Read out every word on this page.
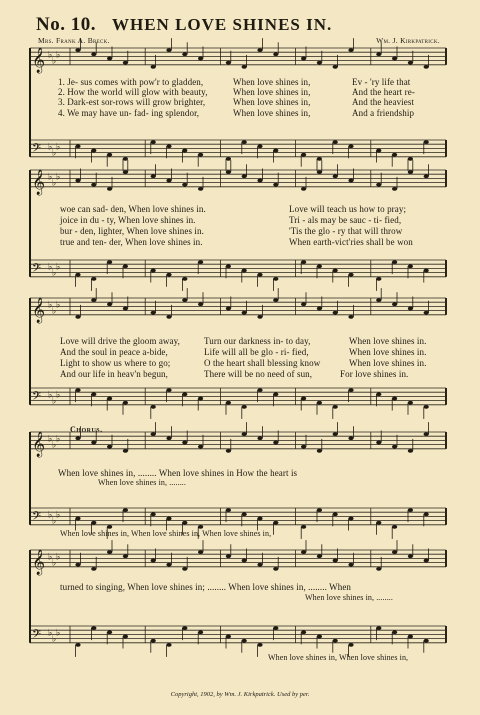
No. 10. WHEN LOVE SHINES IN.
Mrs. Frank A. Breck.	Wm. J. Kirkpatrick.
𝄞 ♭
♭
♭
𝄢 ♭
♭
♭
𝄞 ♭
♭
♭
𝄢 ♭
♭
♭
𝄞 ♭
♭
♭
𝄢 ♭
♭
♭
𝄞 ♭
♭
♭
𝄢 ♭
♭
♭
𝄞 ♭
♭
♭
𝄢 ♭
♭
♭
1. Je- sus comes with pow'r to gladden,
2. How the world will glow with beauty,
3. Dark-est sor-rows will grow brighter,
4. We may have un- fad- ing splendor,
When love shines in,
When love shines in,
When love shines in,
When love shines in,
Ev - 'ry life that
And the heart re-
And the heaviest
And a friendship
woe can sad- den, When love shines in.
joice in du - ty, When love shines in.
bur - den, lighter, When love shines in.
true and ten- der, When love shines in.
Love will teach us how to pray;
Tri - als may be sauc - ti- fied,
'Tis the glo - ry that will throw
When earth-vict'ries shall be won
Love will drive the gloom away,
And the soul in peace a-bide,
Light to show us where to go;
And our life in heav'n begun,
Turn our darkness in- to day,
Life will all be glo - ri- fied,
O the heart shall blessing know
There will be no need of sun,
When love shines in.
When love shines in.
When love shines in.
For love shines in.
Chorus.
When love shines in, ........ When love shines in How the heart is
When love shines in, ........
When love shines in, When love shines in, When love shines in,
turned to singing, When love shines in; ........ When love shines in, ........ When
When love shines in, ........
When love shines in, When love shines in,
Copyright, 1902, by Wm. J. Kirkpatrick. Used by per.
